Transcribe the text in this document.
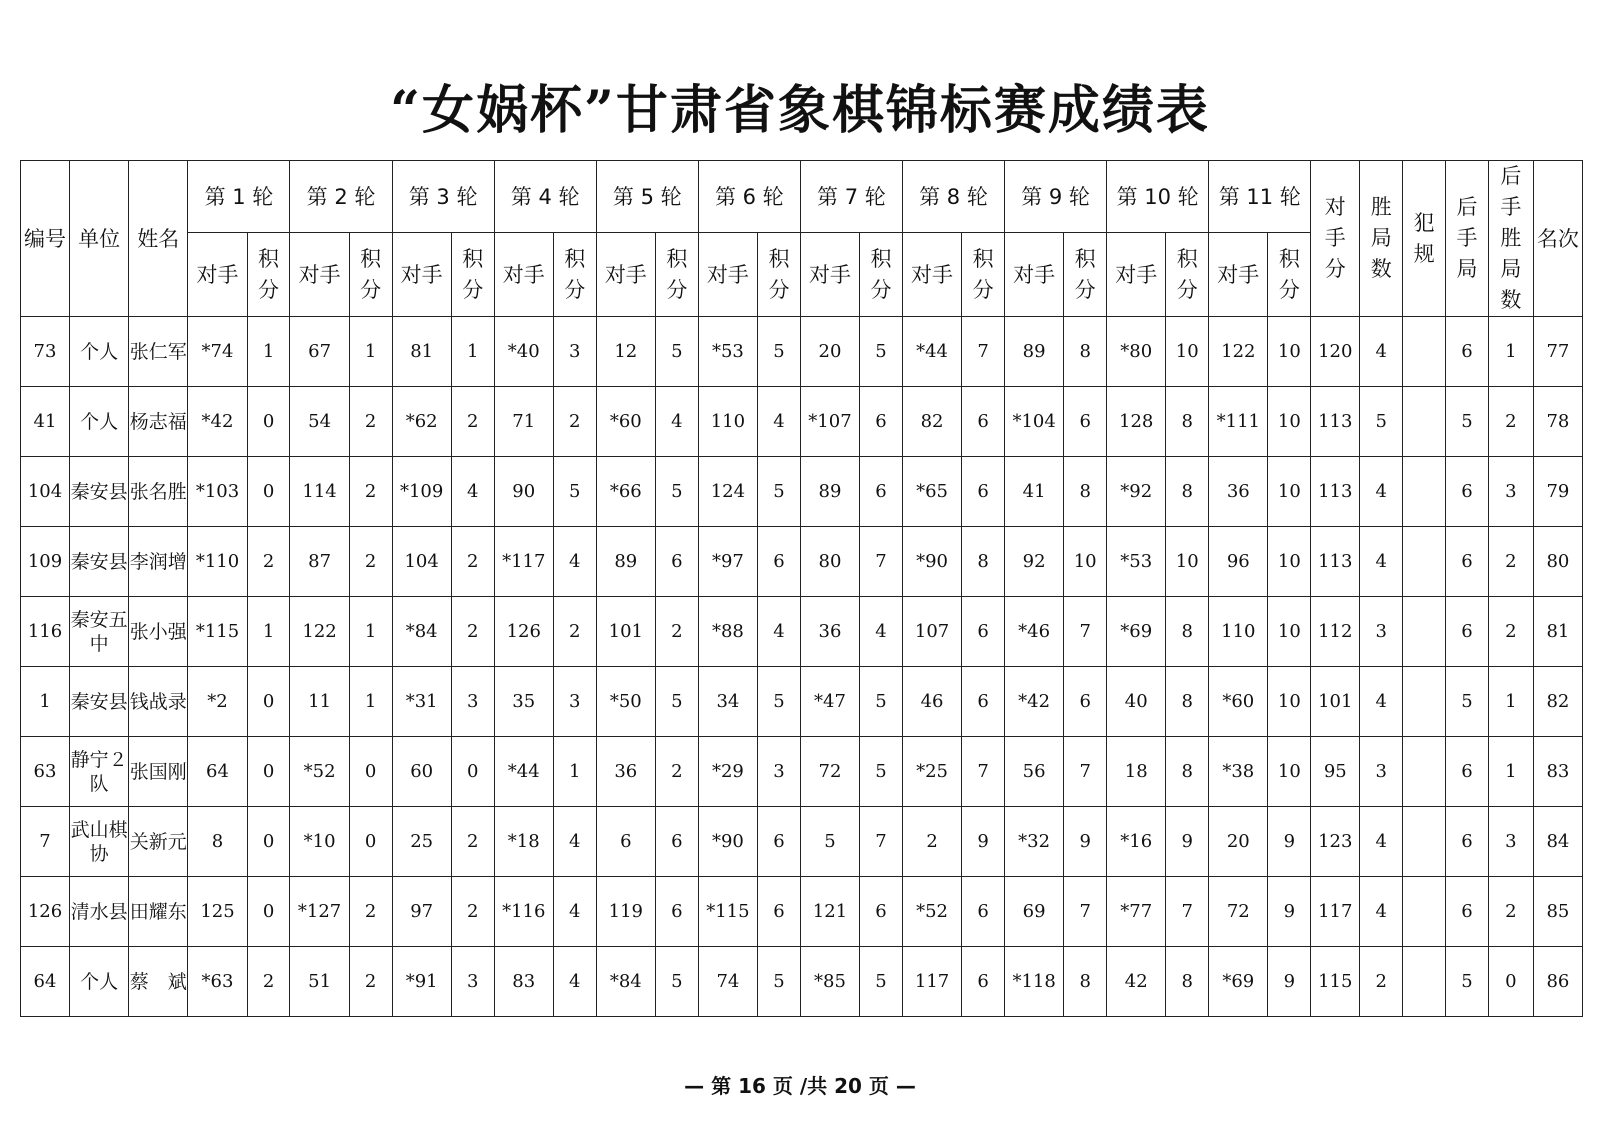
“女娲杯”甘肃省象棋锦标赛成绩表
编号	单位	姓名	第 1 轮		第 2 轮		第 3 轮		第 4 轮		第 5 轮		第 6 轮		第 7 轮		第 8 轮		第 9 轮		第 10 轮		第 11 轮		对手分	胜局数	犯规	后手局	后手胜局数	名次
			对手	积分	对手	积分	对手	积分	对手	积分	对手	积分	对手	积分	对手	积分	对手	积分	对手	积分	对手	积分	对手	积分						
73	个人	张仁军	*74	1	67	1	81	1	*40	3	12	5	*53	5	20	5	*44	7	89	8	*80	10	122	10	120	4		6	1	77
41	个人	杨志福	*42	0	54	2	*62	2	71	2	*60	4	110	4	*107	6	82	6	*104	6	128	8	*111	10	113	5		5	2	78
104	秦安县	张名胜	*103	0	114	2	*109	4	90	5	*66	5	124	5	89	6	*65	6	41	8	*92	8	36	10	113	4		6	3	79
109	秦安县	李润增	*110	2	87	2	104	2	*117	4	89	6	*97	6	80	7	*90	8	92	10	*53	10	96	10	113	4		6	2	80
116	秦安五中	张小强	*115	1	122	1	*84	2	126	2	101	2	*88	4	36	4	107	6	*46	7	*69	8	110	10	112	3		6	2	81
1	秦安县	钱战录	*2	0	11	1	*31	3	35	3	*50	5	34	5	*47	5	46	6	*42	6	40	8	*60	10	101	4		5	1	82
63	静宁２队	张国刚	64	0	*52	0	60	0	*44	1	36	2	*29	3	72	5	*25	7	56	7	18	8	*38	10	95	3		6	1	83
7	武山棋协	关新元	8	0	*10	0	25	2	*18	4	6	6	*90	6	5	7	2	9	*32	9	*16	9	20	9	123	4		6	3	84
126	清水县	田耀东	125	0	*127	2	97	2	*116	4	119	6	*115	6	121	6	*52	6	69	7	*77	7	72	9	117	4		6	2	85
64	个人	蔡　斌	*63	2	51	2	*91	3	83	4	*84	5	74	5	*85	5	117	6	*118	8	42	8	*69	9	115	2		5	0	86
— 第 16 页 /共 20 页 —
